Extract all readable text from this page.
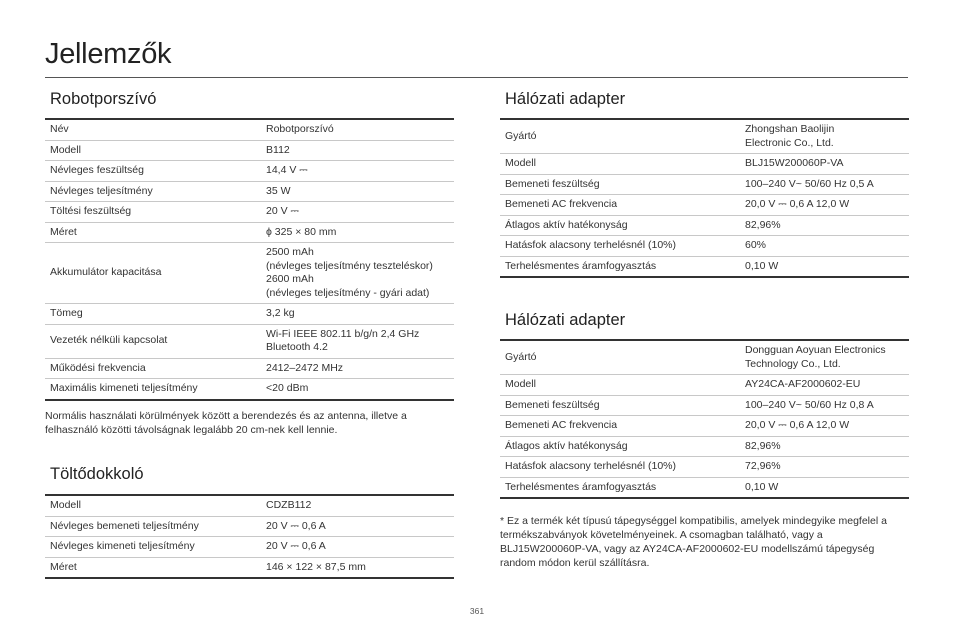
Jellemzők
Robotporszívó
Név	Robotporszívó
Modell	B112
Névleges feszültség	14,4 V ⎓
Névleges teljesítmény	35 W
Töltési feszültség	20 V ⎓
Méret	ϕ 325 × 80 mm
Akkumulátor kapacitása	2500 mAh
(névleges teljesítmény teszteléskor)
2600 mAh
(névleges teljesítmény - gyári adat)
Tömeg	3,2 kg
Vezeték nélküli kapcsolat	Wi-Fi IEEE 802.11 b/g/n 2,4 GHz
Bluetooth 4.2
Működési frekvencia	2412–2472 MHz
Maximális kimeneti teljesítmény	<20 dBm
Normális használati körülmények között a berendezés és az antenna, illetve a felhasználó közötti távolságnak legalább 20 cm-nek kell lennie.
Töltődokkoló
Modell	CDZB112
Névleges bemeneti teljesítmény	20 V ⎓ 0,6 A
Névleges kimeneti teljesítmény	20 V ⎓ 0,6 A
Méret	146 × 122 × 87,5 mm
Hálózati adapter
Gyártó	Zhongshan Baolijin
Electronic Co., Ltd.
Modell	BLJ15W200060P-VA
Bemeneti feszültség	100–240 V~ 50/60 Hz 0,5 A
Bemeneti AC frekvencia	20,0 V ⎓ 0,6 A 12,0 W
Átlagos aktív hatékonyság	82,96%
Hatásfok alacsony terhelésnél (10%)	60%
Terhelésmentes áramfogyasztás	0,10 W
Hálózati adapter
Gyártó	Dongguan Aoyuan Electronics
Technology Co., Ltd.
Modell	AY24CA-AF2000602-EU
Bemeneti feszültség	100–240 V~ 50/60 Hz 0,8 A
Bemeneti AC frekvencia	20,0 V ⎓ 0,6 A 12,0 W
Átlagos aktív hatékonyság	82,96%
Hatásfok alacsony terhelésnél (10%)	72,96%
Terhelésmentes áramfogyasztás	0,10 W
* Ez a termék két típusú tápegységgel kompatibilis, amelyek mindegyike megfelel a termékszabványok követelményeinek. A csomagban található, vagy a BLJ15W200060P-VA, vagy az AY24CA-AF2000602-EU modellszámú tápegység random módon kerül szállításra.
361
